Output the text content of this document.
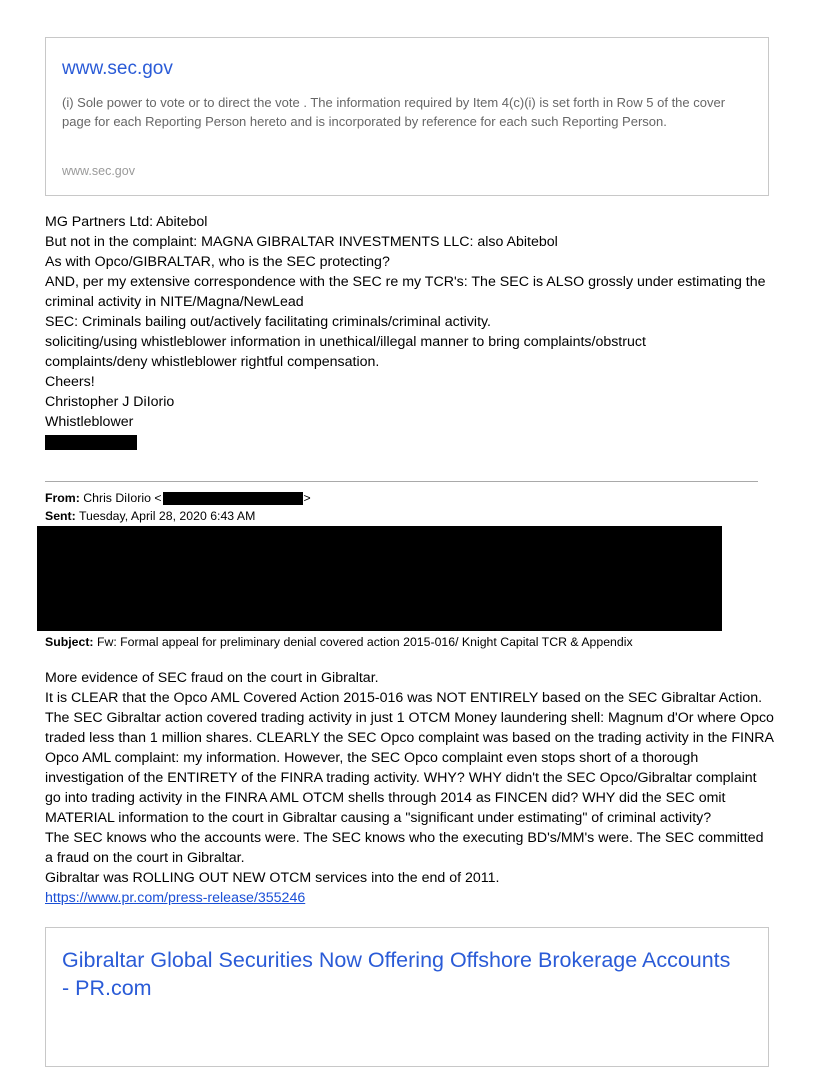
www.sec.gov
(i) Sole power to vote or to direct the vote . The information required by Item 4(c)(i) is set forth in Row 5 of the cover page for each Reporting Person hereto and is incorporated by reference for each such Reporting Person.
www.sec.gov
MG Partners Ltd: Abitebol
But not in the complaint: MAGNA GIBRALTAR INVESTMENTS LLC: also Abitebol
As with Opco/GIBRALTAR, who is the SEC protecting?
AND, per my extensive correspondence with the SEC re my TCR's: The SEC is ALSO grossly under estimating the criminal activity in NITE/Magna/NewLead
SEC: Criminals bailing out/actively facilitating criminals/criminal activity.
soliciting/using whistleblower information in unethical/illegal manner to bring complaints/obstruct complaints/deny whistleblower rightful compensation.
Cheers!
Christopher J DiIorio
Whistleblower
From: Chris DiIorio <	>
Sent: Tuesday, April 28, 2020 6:43 AM
Subject: Fw: Formal appeal for preliminary denial covered action 2015-016/ Knight Capital TCR & Appendix
More evidence of SEC fraud on the court in Gibraltar.
It is CLEAR that the Opco AML Covered Action 2015-016 was NOT ENTIRELY based on the SEC Gibraltar Action. The SEC Gibraltar action covered trading activity in just 1 OTCM Money laundering shell: Magnum d'Or where Opco traded less than 1 million shares. CLEARLY the SEC Opco complaint was based on the trading activity in the FINRA Opco AML complaint: my information. However, the SEC Opco complaint even stops short of a thorough investigation of the ENTIRETY of the FINRA trading activity. WHY? WHY didn't the SEC Opco/Gibraltar complaint go into trading activity in the FINRA AML OTCM shells through 2014 as FINCEN did? WHY did the SEC omit MATERIAL information to the court in Gibraltar causing a "significant under estimating" of criminal activity?
The SEC knows who the accounts were. The SEC knows who the executing BD's/MM's were. The SEC committed a fraud on the court in Gibraltar.
Gibraltar was ROLLING OUT NEW OTCM services into the end of 2011.
https://www.pr.com/press-release/355246
Gibraltar Global Securities Now Offering Offshore Brokerage Accounts - PR.com
